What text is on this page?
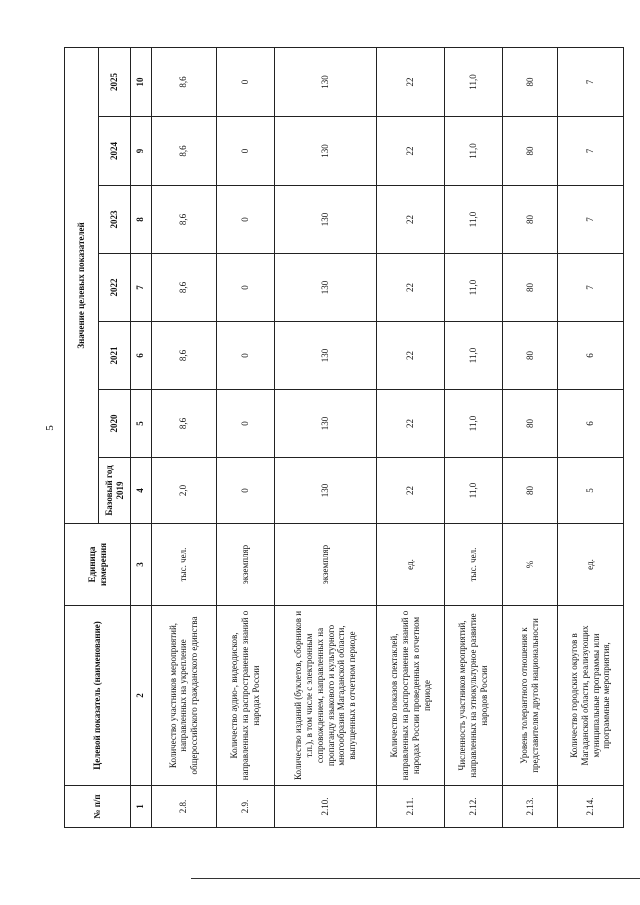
5
№ п/п	Целевой показатель (наименование)	Единица измерения	Значение целевых показателей						
			Базовый год 2019	2020	2021	2022	2023	2024	2025
1	2	3	4	5	6	7	8	9	10
2.8.	Количество участников мероприятий, направленных на укрепление общероссийского гражданского единства	тыс. чел.	2,0	8,6	8,6	8,6	8,6	8,6	8,6
2.9.	Количество аудио-, видеодисков, направленных на распространение знаний о народах России	экземпляр	0	0	0	0	0	0	0
2.10.	Количество изданий (буклетов, сборников и т.п.), в том числе с электронным сопровождением, направленных на пропаганду языкового и культурного многообразия Магаданской области, выпущенных в отчетном периоде	экземпляр	130	130	130	130	130	130	130
2.11.	Количество показов спектаклей, направленных на распространение знаний о народах России проведенных в отчетном периоде	ед.	22	22	22	22	22	22	22
2.12.	Численность участников мероприятий, направленных на этнокультурное развитие народов России	тыс. чел.	11,0	11,0	11,0	11,0	11,0	11,0	11,0
2.13.	Уровень толерантного отношения к представителям другой национальности	%	80	80	80	80	80	80	80
2.14.	Количество городских округов в Магаданской области, реализующих муниципальные программы или программные мероприятия,	ед.	5	6	6	7	7	7	7
